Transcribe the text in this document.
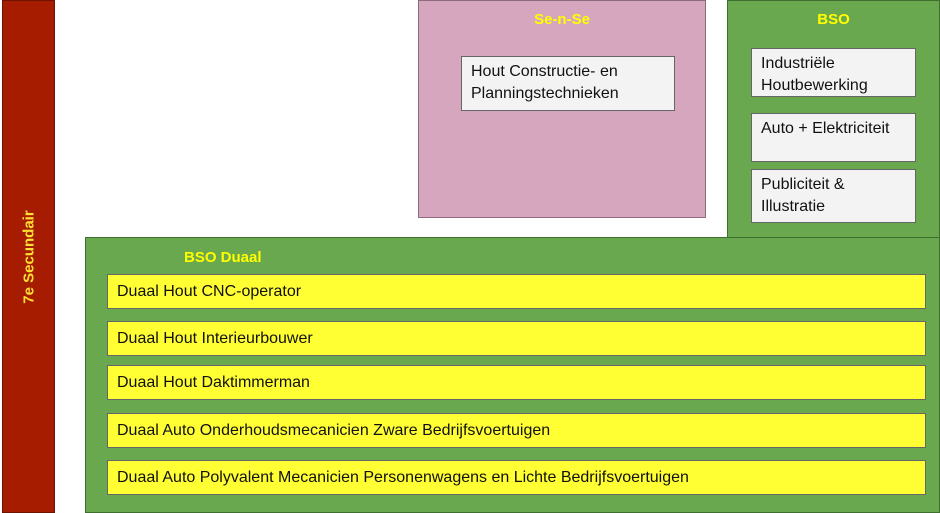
7e Secundair
Se-n-Se
Hout Constructie- en Planningstechnieken
BSO
Industriële Houtbewerking
Auto + Elektriciteit
Publiciteit & Illustratie
BSO Duaal
Duaal Hout CNC-operator
Duaal Hout Interieurbouwer
Duaal Hout Daktimmerman
Duaal Auto Onderhoudsmecanicien Zware Bedrijfsvoertuigen
Duaal Auto Polyvalent Mecanicien Personenwagens en Lichte Bedrijfsvoertuigen
